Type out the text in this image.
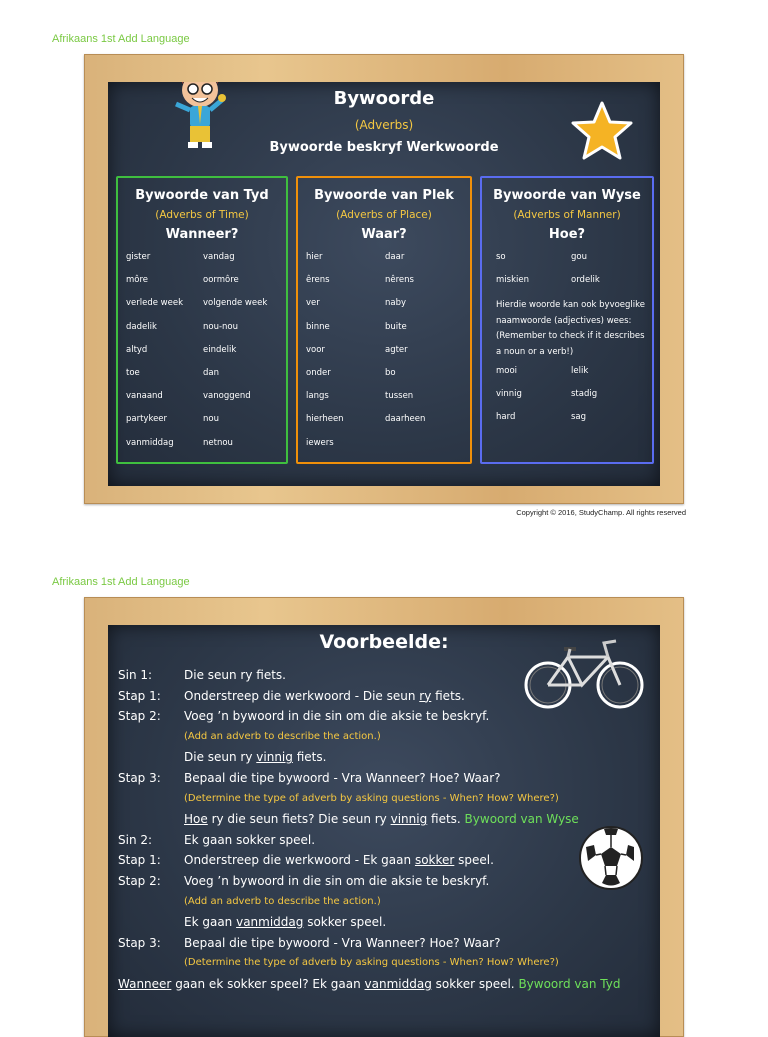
Afrikaans 1st Add Language
Bywoorde
(Adverbs)
Bywoorde beskryf Werkwoorde
Bywoorde van Tyd
(Adverbs of Time)
Wanneer?
gister	vandag
môre	oormôre
verlede week	volgende week
dadelik	nou-nou
altyd	eindelik
toe	dan
vanaand	vanoggend
partykeer	nou
vanmiddag	netnou
Bywoorde van Plek
(Adverbs of Place)
Waar?
hier	daar
êrens	nêrens
ver	naby
binne	buite
voor	agter
onder	bo
langs	tussen
hierheen	daarheen
iewers
Bywoorde van Wyse
(Adverbs of Manner)
Hoe?
so	gou
miskien	ordelik
Hierdie woorde kan ook byvoeglike naamwoorde (adjectives) wees: (Remember to check if it describes a noun or a verb!)
mooi	lelik
vinnig	stadig
hard	sag
Copyright © 2016, StudyChamp. All rights reserved
Afrikaans 1st Add Language
Voorbeelde:
Sin 1:	Die seun ry fiets.
Stap 1:	Onderstreep die werkwoord - Die seun ry fiets.
Stap 2:	Voeg ’n bywoord in die sin om die aksie te beskryf.
(Add an adverb to describe the action.)
Die seun ry vinnig fiets.
Stap 3:	Bepaal die tipe bywoord - Vra Wanneer? Hoe? Waar?
(Determine the type of adverb by asking questions - When? How? Where?)
Hoe ry die seun fiets? Die seun ry vinnig fiets. Bywoord van Wyse
Sin 2:	Ek gaan sokker speel.
Stap 1:	Onderstreep die werkwoord - Ek gaan sokker speel.
Stap 2:	Voeg ’n bywoord in die sin om die aksie te beskryf.
(Add an adverb to describe the action.)
Ek gaan vanmiddag sokker speel.
Stap 3:	Bepaal die tipe bywoord - Vra Wanneer? Hoe? Waar?
(Determine the type of adverb by asking questions - When? How? Where?)
Wanneer gaan ek sokker speel? Ek gaan vanmiddag sokker speel. Bywoord van Tyd
